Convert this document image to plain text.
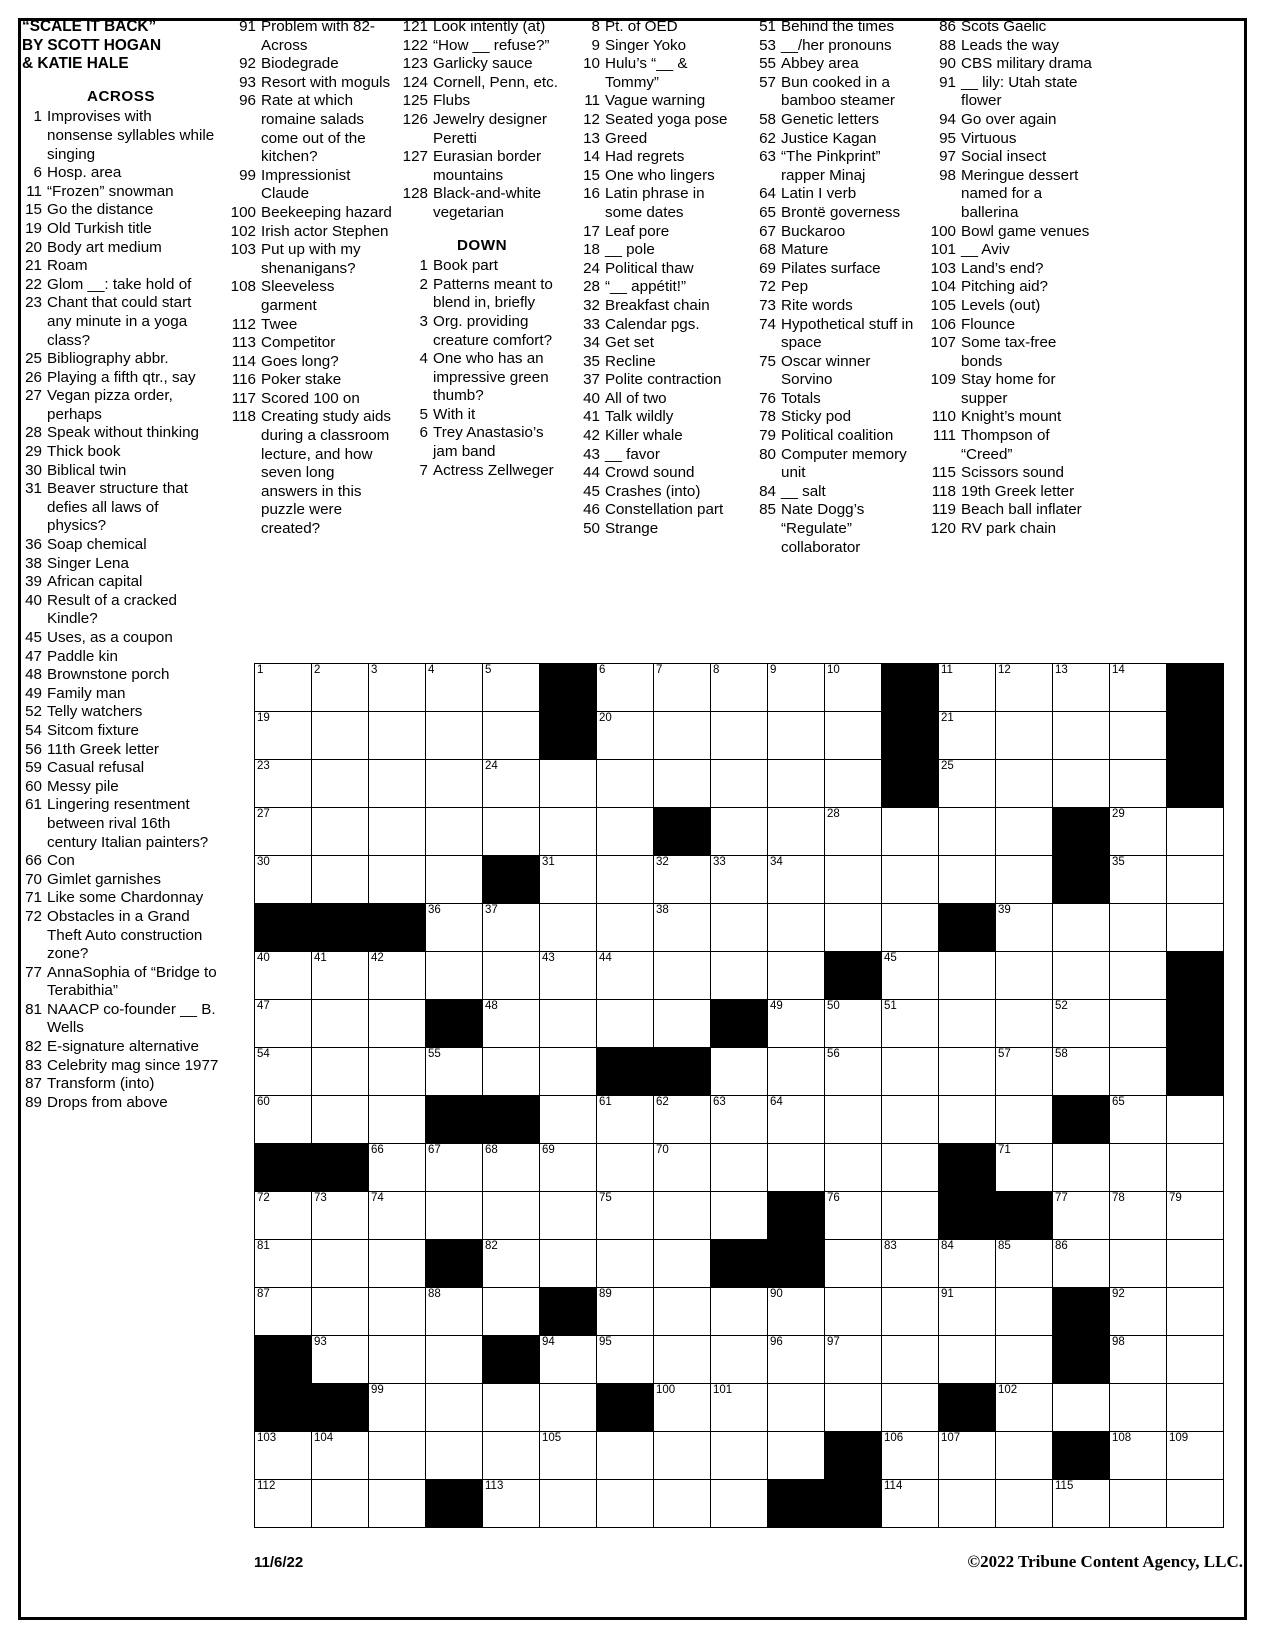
“SCALE IT BACK”
BY SCOTT HOGAN
& KATIE HALE
ACROSS
1 Improvises with nonsense syllables while singing
6 Hosp. area
11 “Frozen” snowman
15 Go the distance
19 Old Turkish title
20 Body art medium
21 Roam
22 Glom __: take hold of
23 Chant that could start any minute in a yoga class?
25 Bibliography abbr.
26 Playing a fifth qtr., say
27 Vegan pizza order, perhaps
28 Speak without thinking
29 Thick book
30 Biblical twin
31 Beaver structure that defies all laws of physics?
36 Soap chemical
38 Singer Lena
39 African capital
40 Result of a cracked Kindle?
45 Uses, as a coupon
47 Paddle kin
48 Brownstone porch
49 Family man
52 Telly watchers
54 Sitcom fixture
56 11th Greek letter
59 Casual refusal
60 Messy pile
61 Lingering resentment between rival 16th century Italian painters?
66 Con
70 Gimlet garnishes
71 Like some Chardonnay
72 Obstacles in a Grand Theft Auto construction zone?
77 AnnaSophia of “Bridge to Terabithia”
81 NAACP co-founder __ B. Wells
82 E-signature alternative
83 Celebrity mag since 1977
87 Transform (into)
89 Drops from above
91 Problem with 82-Across
92 Biodegrade
93 Resort with moguls
96 Rate at which romaine salads come out of the kitchen?
99 Impressionist Claude
100 Beekeeping hazard
102 Irish actor Stephen
103 Put up with my shenanigans?
108 Sleeveless garment
112 Twee
113 Competitor
114 Goes long?
116 Poker stake
117 Scored 100 on
118 Creating study aids during a classroom lecture, and how seven long answers in this puzzle were created?
121 Look intently (at)
122 “How __ refuse?”
123 Garlicky sauce
124 Cornell, Penn, etc.
125 Flubs
126 Jewelry designer Peretti
127 Eurasian border mountains
128 Black-and-white vegetarian
DOWN
1 Book part
2 Patterns meant to blend in, briefly
3 Org. providing creature comfort?
4 One who has an impressive green thumb?
5 With it
6 Trey Anastasio’s jam band
7 Actress Zellweger
8 Pt. of OED
9 Singer Yoko
10 Hulu’s “__ & Tommy”
11 Vague warning
12 Seated yoga pose
13 Greed
14 Had regrets
15 One who lingers
16 Latin phrase in some dates
17 Leaf pore
18 __ pole
24 Political thaw
28 “__ appétit!”
32 Breakfast chain
33 Calendar pgs.
34 Get set
35 Recline
37 Polite contraction
40 All of two
41 Talk wildly
42 Killer whale
43 __ favor
44 Crowd sound
45 Crashes (into)
46 Constellation part
50 Strange
51 Behind the times
53 __/her pronouns
55 Abbey area
57 Bun cooked in a bamboo steamer
58 Genetic letters
62 Justice Kagan
63 “The Pinkprint” rapper Minaj
64 Latin I verb
65 Brontë governess
67 Buckaroo
68 Mature
69 Pilates surface
72 Pep
73 Rite words
74 Hypothetical stuff in space
75 Oscar winner Sorvino
76 Totals
78 Sticky pod
79 Political coalition
80 Computer memory unit
84 __ salt
85 Nate Dogg’s “Regulate” collaborator
86 Scots Gaelic
88 Leads the way
90 CBS military drama
91 __ lily: Utah state flower
94 Go over again
95 Virtuous
97 Social insect
98 Meringue dessert named for a ballerina
100 Bowl game venues
101 __ Aviv
103 Land’s end?
104 Pitching aid?
105 Levels (out)
106 Flounce
107 Some tax-free bonds
109 Stay home for supper
110 Knight’s mount
111 Thompson of “Creed”
115 Scissors sound
118 19th Greek letter
119 Beach ball inflater
120 RV park chain
1	2	3	4	5		6	7	8	9	10		11	12	13	14	

19						20						21				

23				24								25				

27										28					29	

30					31		32	33	34						35	

			36	37			38						39			

40	41	42			43	44					45					

47				48					49	50	51			52		

54			55							56			57	58		

60						61	62	63	64						65	

		66	67	68	69		70						71			

72	73	74				75				76				77	78	79

81				82							83	84	85	86		

87			88			89			90			91			92	

	93				94	95			96	97					98	

		99					100	101					102			

103	104				105						106	107			108	109

112				113							114			115		

11/6/22	©2022 Tribune Content Agency, LLC.
